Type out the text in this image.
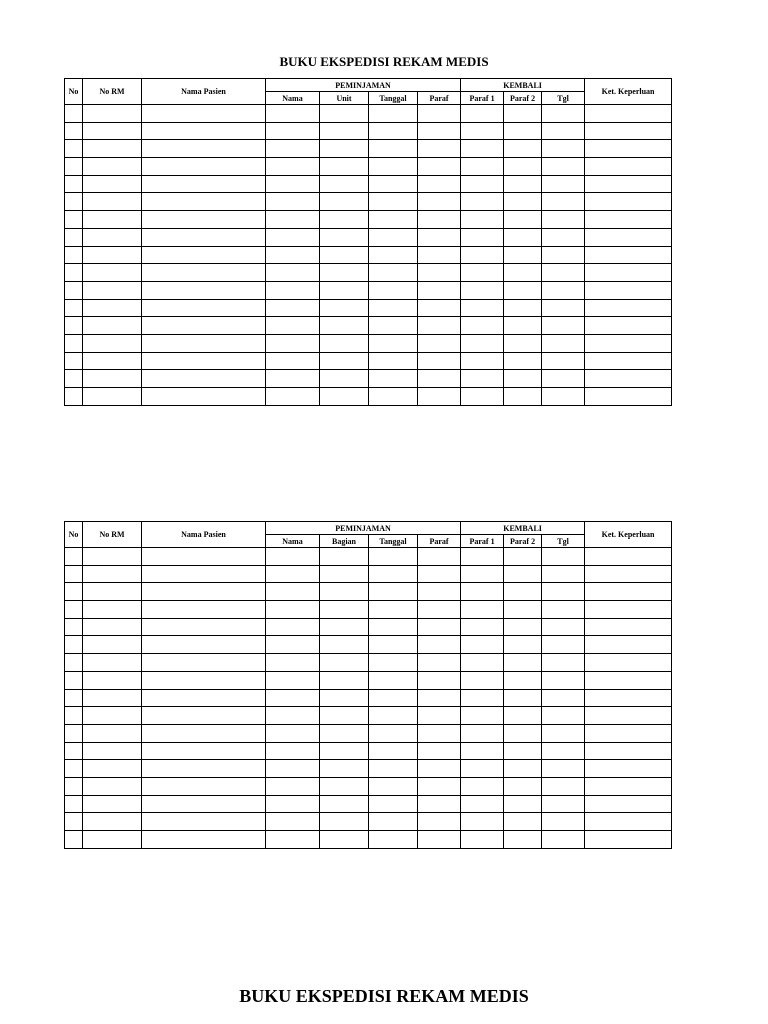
BUKU EKSPEDISI REKAM MEDIS
No	No RM	Nama Pasien	PEMINJAMAN				KEMBALI			Ket. Keperluan
			Nama	Unit	Tanggal	Paraf	Paraf 1	Paraf 2	Tgl	

No	No RM	Nama Pasien	PEMINJAMAN				KEMBALI			Ket. Keperluan
			Nama	Bagian	Tanggal	Paraf	Paraf 1	Paraf 2	Tgl	

BUKU EKSPEDISI REKAM MEDIS
